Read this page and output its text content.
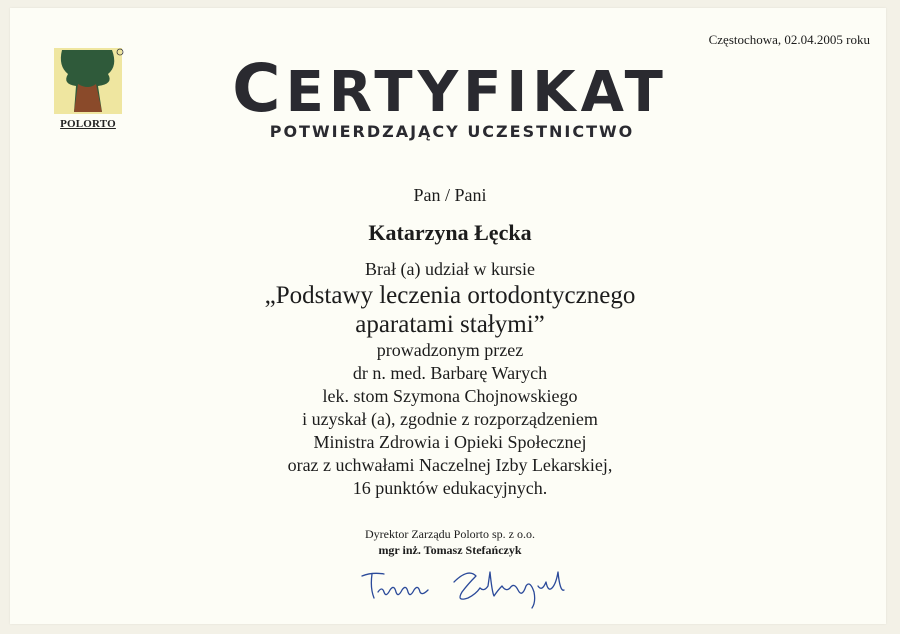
Częstochowa, 02.04.2005 roku
POLORTO	CERTYFIKAT
POTWIERDZAJĄCY UCZESTNICTWO
Pan / Pani
Katarzyna Łęcka
Brał (a) udział w kursie
„Podstawy leczenia ortodontycznego
aparatami stałymi”
prowadzonym przez
dr n. med. Barbarę Warych
lek. stom Szymona Chojnowskiego
i uzyskał (a), zgodnie z rozporządzeniem
Ministra Zdrowia i Opieki Społecznej
oraz z uchwałami Naczelnej Izby Lekarskiej,
16 punktów edukacyjnych.
Dyrektor Zarządu Polorto sp. z o.o.
mgr inż. Tomasz Stefańczyk
